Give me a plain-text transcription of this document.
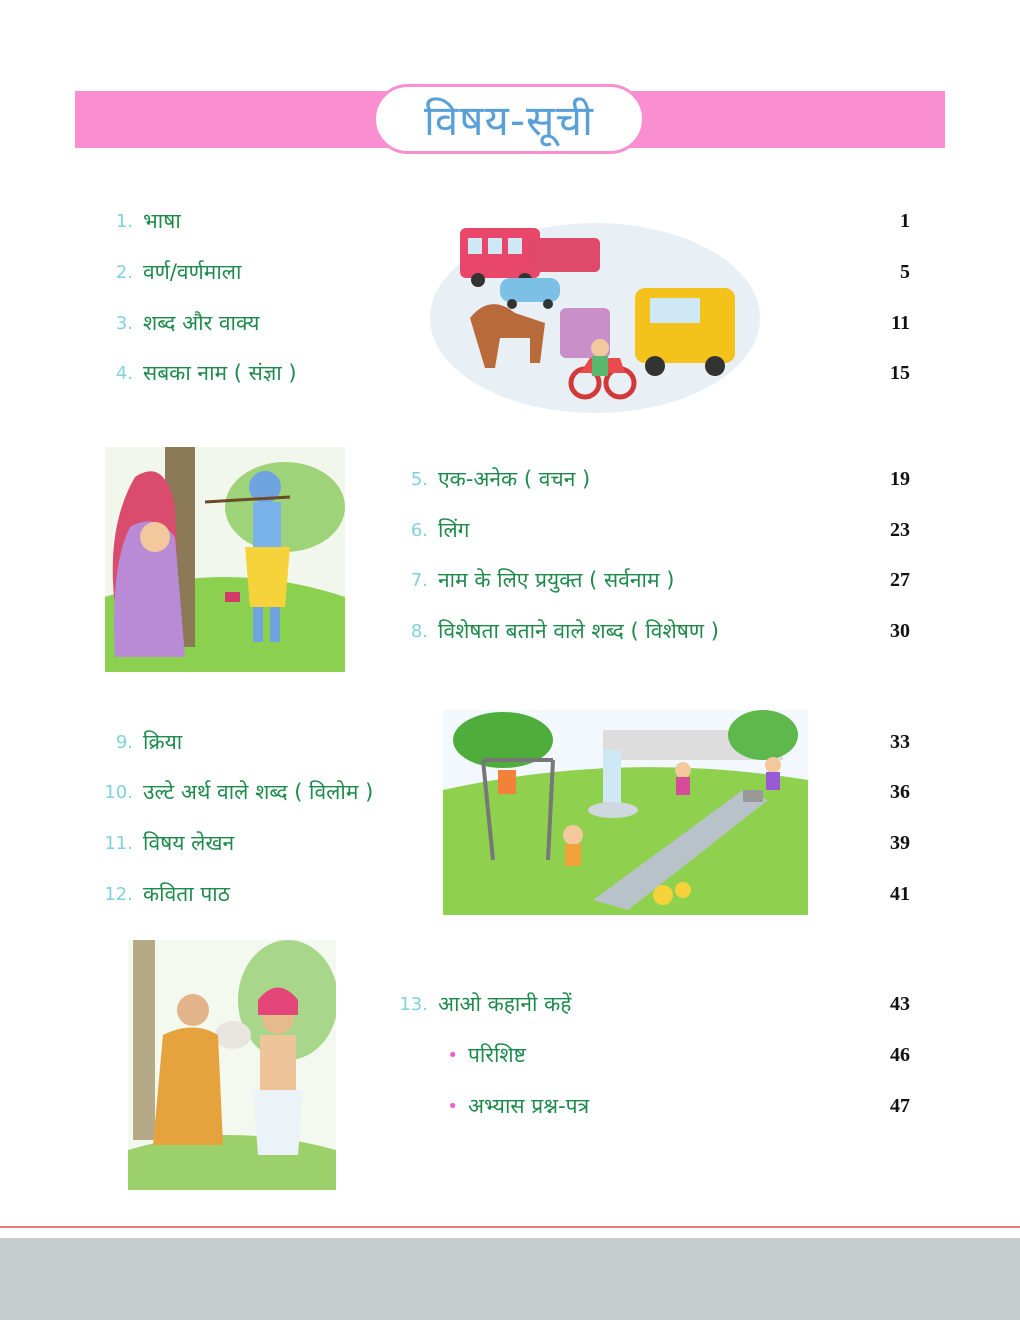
विषय-सूची
1. भाषा	1
2. वर्ण/वर्णमाला	5
3. शब्द और वाक्य	11
4. सबका नाम ( संज्ञा )	15
5. एक-अनेक ( वचन )	19
6. लिंग	23
7. नाम के लिए प्रयुक्त ( सर्वनाम )	27
8. विशेषता बताने वाले शब्द ( विशेषण )	30
9. क्रिया	33
10. उल्टे अर्थ वाले शब्द ( विलोम )	36
11. विषय लेखन	39
12. कविता पाठ	41
13. आओ कहानी कहें	43
• परिशिष्ट	46
• अभ्यास प्रश्न-पत्र	47
